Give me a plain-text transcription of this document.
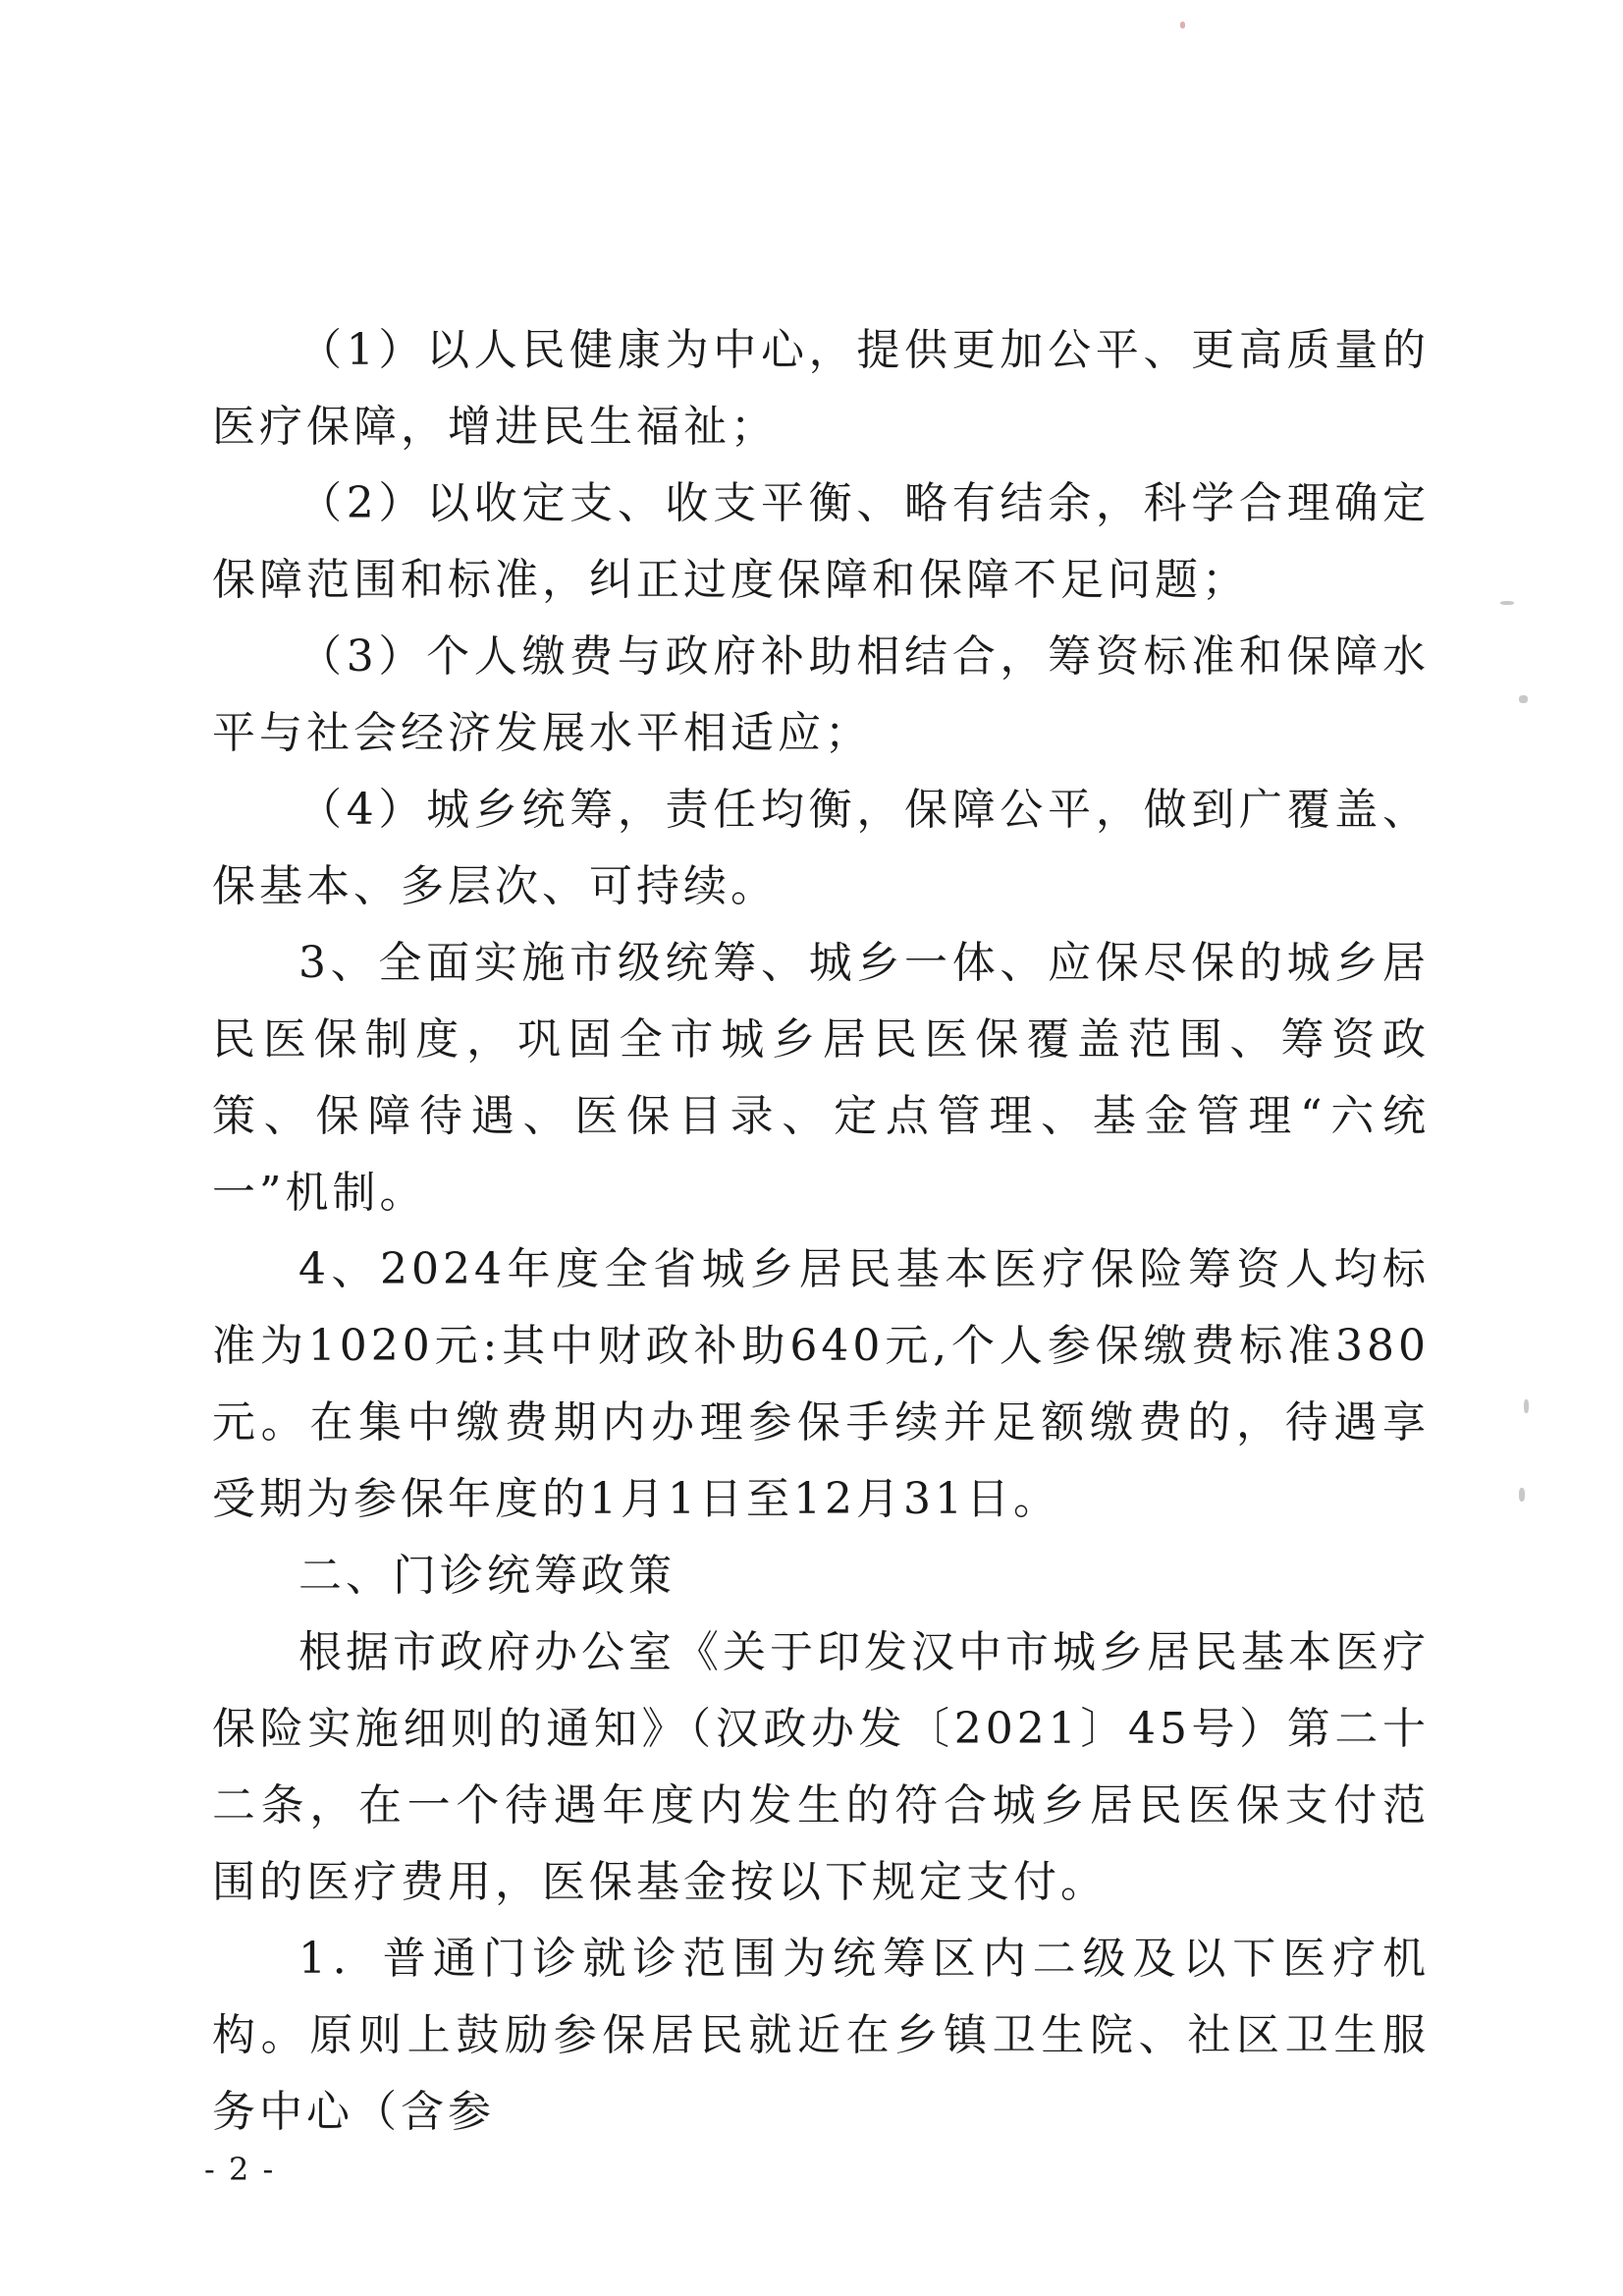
（1）以人民健康为中心，提供更加公平、更高质量的医疗保障，增进民生福祉；

（2）以收定支、收支平衡、略有结余，科学合理确定保障范围和标准，纠正过度保障和保障不足问题；

（3）个人缴费与政府补助相结合，筹资标准和保障水平与社会经济发展水平相适应；

（4）城乡统筹，责任均衡，保障公平，做到广覆盖、保基本、多层次、可持续。

3、全面实施市级统筹、城乡一体、应保尽保的城乡居民医保制度，巩固全市城乡居民医保覆盖范围、筹资政策、保障待遇、医保目录、定点管理、基金管理“六统一”机制。

4、2024年度全省城乡居民基本医疗保险筹资人均标准为1020元:其中财政补助640元,个人参保缴费标准380元。在集中缴费期内办理参保手续并足额缴费的，待遇享受期为参保年度的1月1日至12月31日。

二、门诊统筹政策

根据市政府办公室《关于印发汉中市城乡居民基本医疗保险实施细则的通知》（汉政办发〔2021〕45号）第二十二条，在一个待遇年度内发生的符合城乡居民医保支付范围的医疗费用，医保基金按以下规定支付。

1．普通门诊就诊范围为统筹区内二级及以下医疗机构。原则上鼓励参保居民就近在乡镇卫生院、社区卫生服务中心（含参

- 2 -
